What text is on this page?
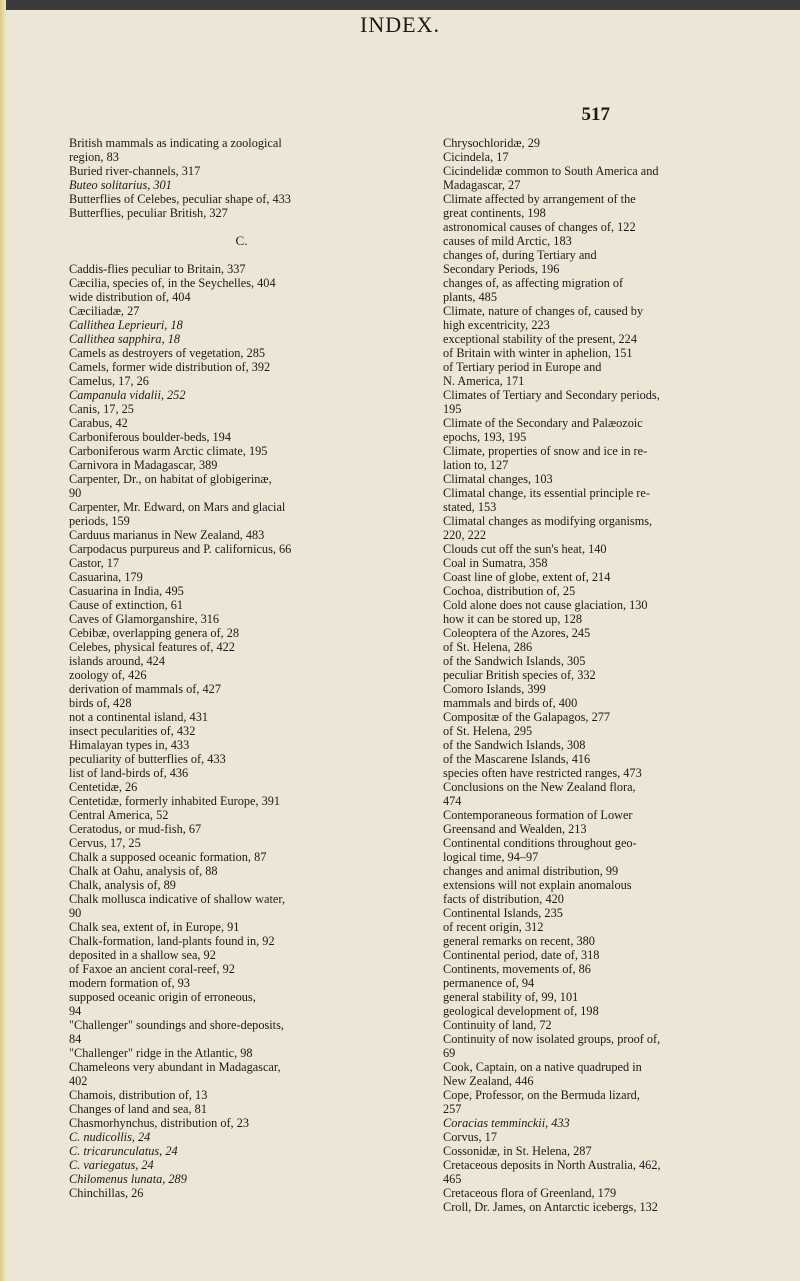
INDEX.
517

British mammals as indicating a zoological

region, 83

Buried river-channels, 317

Buteo solitarius, 301

Butterflies of Celebes, peculiar shape of, 433

Butterflies, peculiar British, 327

C.

Caddis-flies peculiar to Britain, 337

Cæcilia, species of, in the Seychelles, 404

wide distribution of, 404

Cæciliadæ, 27

Callithea Leprieuri, 18

Callithea sapphira, 18

Camels as destroyers of vegetation, 285

Camels, former wide distribution of, 392

Camelus, 17, 26

Campanula vidalii, 252

Canis, 17, 25

Carabus, 42

Carboniferous boulder-beds, 194

Carboniferous warm Arctic climate, 195

Carnivora in Madagascar, 389

Carpenter, Dr., on habitat of globigerinæ,

90

Carpenter, Mr. Edward, on Mars and glacial

periods, 159

Carduus marianus in New Zealand, 483

Carpodacus purpureus and P. californicus, 66

Castor, 17

Casuarina, 179

Casuarina in India, 495

Cause of extinction, 61

Caves of Glamorganshire, 316

Cebibæ, overlapping genera of, 28

Celebes, physical features of, 422

islands around, 424

zoology of, 426

derivation of mammals of, 427

birds of, 428

not a continental island, 431

insect pecularities of, 432

Himalayan types in, 433

peculiarity of butterflies of, 433

list of land-birds of, 436

Centetidæ, 26

Centetidæ, formerly inhabited Europe, 391

Central America, 52

Ceratodus, or mud-fish, 67

Cervus, 17, 25

Chalk a supposed oceanic formation, 87

Chalk at Oahu, analysis of, 88

Chalk, analysis of, 89

Chalk mollusca indicative of shallow water,

90

Chalk sea, extent of, in Europe, 91

Chalk-formation, land-plants found in, 92

deposited in a shallow sea, 92

of Faxoe an ancient coral-reef, 92

modern formation of, 93

supposed oceanic origin of erroneous,

94

"Challenger" soundings and shore-deposits,

84

"Challenger" ridge in the Atlantic, 98

Chameleons very abundant in Madagascar,

402

Chamois, distribution of, 13

Changes of land and sea, 81

Chasmorhynchus, distribution of, 23

C. nudicollis, 24

C. tricarunculatus, 24

C. variegatus, 24

Chilomenus lunata, 289

Chinchillas, 26

Chrysochloridæ, 29

Cicindela, 17

Cicindelidæ common to South America and

Madagascar, 27

Climate affected by arrangement of the

great continents, 198

astronomical causes of changes of, 122

causes of mild Arctic, 183

changes of, during Tertiary and

Secondary Periods, 196

changes of, as affecting migration of

plants, 485

Climate, nature of changes of, caused by

high excentricity, 223

exceptional stability of the present, 224

of Britain with winter in aphelion, 151

of Tertiary period in Europe and

N. America, 171

Climates of Tertiary and Secondary periods,

195

Climate of the Secondary and Palæozoic

epochs, 193, 195

Climate, properties of snow and ice in re-

lation to, 127

Climatal changes, 103

Climatal change, its essential principle re-

stated, 153

Climatal changes as modifying organisms,

220, 222

Clouds cut off the sun's heat, 140

Coal in Sumatra, 358

Coast line of globe, extent of, 214

Cochoa, distribution of, 25

Cold alone does not cause glaciation, 130

how it can be stored up, 128

Coleoptera of the Azores, 245

of St. Helena, 286

of the Sandwich Islands, 305

peculiar British species of, 332

Comoro Islands, 399

mammals and birds of, 400

Compositæ of the Galapagos, 277

of St. Helena, 295

of the Sandwich Islands, 308

of the Mascarene Islands, 416

species often have restricted ranges, 473

Conclusions on the New Zealand flora,

474

Contemporaneous formation of Lower

Greensand and Wealden, 213

Continental conditions throughout geo-

logical time, 94–97

changes and animal distribution, 99

extensions will not explain anomalous

facts of distribution, 420

Continental Islands, 235

of recent origin, 312

general remarks on recent, 380

Continental period, date of, 318

Continents, movements of, 86

permanence of, 94

general stability of, 99, 101

geological development of, 198

Continuity of land, 72

Continuity of now isolated groups, proof of,

69

Cook, Captain, on a native quadruped in

New Zealand, 446

Cope, Professor, on the Bermuda lizard,

257

Coracias temminckii, 433

Corvus, 17

Cossonidæ, in St. Helena, 287

Cretaceous deposits in North Australia, 462,

465

Cretaceous flora of Greenland, 179

Croll, Dr. James, on Antarctic icebergs, 132
